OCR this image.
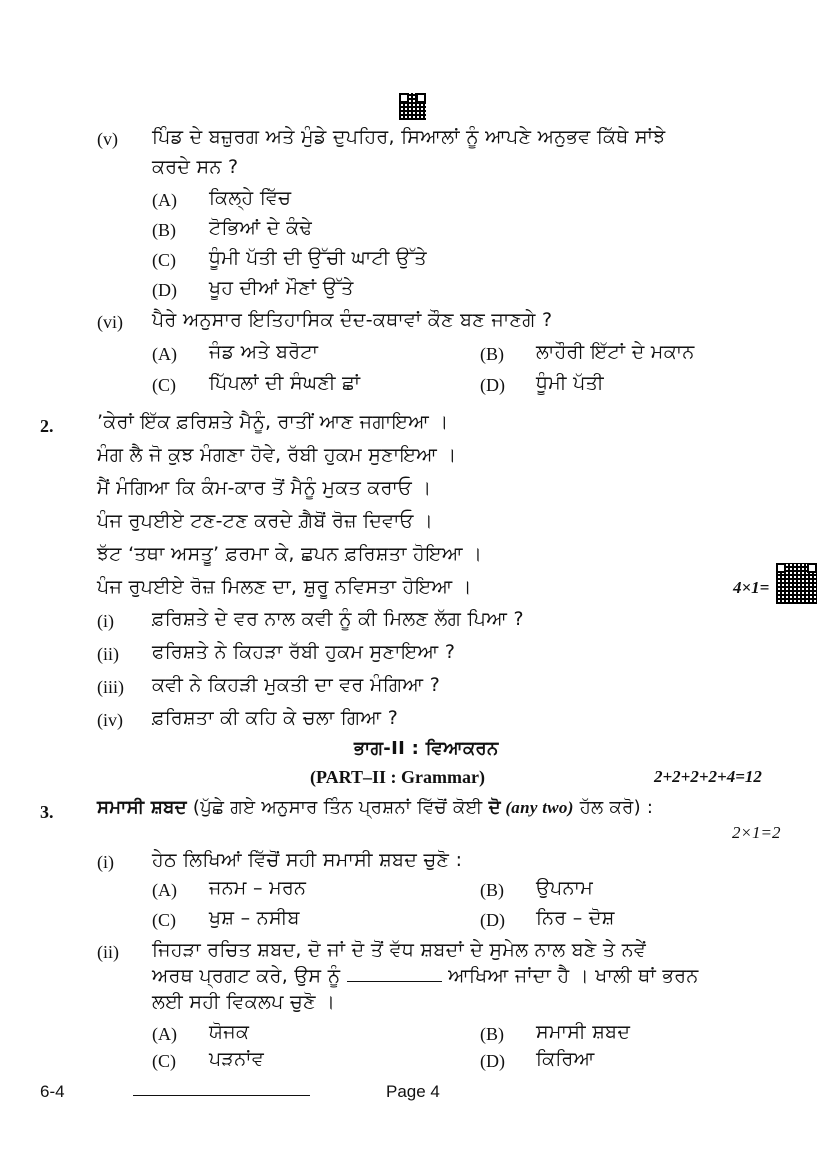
(v) ਪਿੰਡ ਦੇ ਬਜ਼ੁਰਗ ਅਤੇ ਮੁੰਡੇ ਦੁਪਹਿਰ, ਸਿਆਲਾਂ ਨੂੰ ਆਪਣੇ ਅਨੁਭਵ ਕਿੱਥੇ ਸਾਂਝੇ
ਕਰਦੇ ਸਨ ?
(A) ਕਿਲ੍ਹੇ ਵਿੱਚ
(B) ਟੋਭਿਆਂ ਦੇ ਕੰਢੇ
(C) ਧੂੰਮੀ ਪੱਤੀ ਦੀ ਉੱਚੀ ਘਾਟੀ ਉੱਤੇ
(D) ਖੂਹ ਦੀਆਂ ਮੌਣਾਂ ਉੱਤੇ
(vi) ਪੈਰੇ ਅਨੁਸਾਰ ਇਤਿਹਾਸਿਕ ਦੰਦ-ਕਥਾਵਾਂ ਕੌਣ ਬਣ ਜਾਣਗੇ ?
(A) ਜੰਡ ਅਤੇ ਬਰੋਟਾ	(B) ਲਾਹੌਰੀ ਇੱਟਾਂ ਦੇ ਮਕਾਨ
(C) ਪਿੱਪਲਾਂ ਦੀ ਸੰਘਣੀ ਛਾਂ	(D) ਧੂੰਮੀ ਪੱਤੀ
2. ’ਕੇਰਾਂ ਇੱਕ ਫ਼ਰਿਸ਼ਤੇ ਮੈਨੂੰ, ਰਾਤੀਂ ਆਣ ਜਗਾਇਆ ।
ਮੰਗ ਲੈ ਜੋ ਕੁਝ ਮੰਗਣਾ ਹੋਵੇ, ਰੱਬੀ ਹੁਕਮ ਸੁਣਾਇਆ ।
ਮੈਂ ਮੰਗਿਆ ਕਿ ਕੰਮ-ਕਾਰ ਤੋਂ ਮੈਨੂੰ ਮੁਕਤ ਕਰਾਓ ।
ਪੰਜ ਰੁਪਈਏ ਟਣ-ਟਣ ਕਰਦੇ ਗ਼ੈਬੋਂ ਰੋਜ਼ ਦਿਵਾਓ ।
ਝੱਟ ‘ਤਥਾ ਅਸਤੂ’ ਫ਼ਰਮਾ ਕੇ, ਛਪਨ ਫ਼ਰਿਸ਼ਤਾ ਹੋਇਆ ।
ਪੰਜ ਰੁਪਈਏ ਰੋਜ਼ ਮਿਲਣ ਦਾ, ਸ਼ੁਰੂ ਨਵਿਸਤਾ ਹੋਇਆ ।	4×1=
(i) ਫ਼ਰਿਸ਼ਤੇ ਦੇ ਵਰ ਨਾਲ ਕਵੀ ਨੂੰ ਕੀ ਮਿਲਣ ਲੱਗ ਪਿਆ ?
(ii) ਫਰਿਸ਼ਤੇ ਨੇ ਕਿਹੜਾ ਰੱਬੀ ਹੁਕਮ ਸੁਣਾਇਆ ?
(iii) ਕਵੀ ਨੇ ਕਿਹੜੀ ਮੁਕਤੀ ਦਾ ਵਰ ਮੰਗਿਆ ?
(iv) ਫ਼ਰਿਸ਼ਤਾ ਕੀ ਕਹਿ ਕੇ ਚਲਾ ਗਿਆ ?
ਭਾਗ-II : ਵਿਆਕਰਨ
(PART–II : Grammar)	2+2+2+2+4=12
3. ਸਮਾਸੀ ਸ਼ਬਦ (ਪੁੱਛੇ ਗਏ ਅਨੁਸਾਰ ਤਿੰਨ ਪ੍ਰਸ਼ਨਾਂ ਵਿੱਚੋਂ ਕੋਈ ਦੋ (any two) ਹੱਲ ਕਰੋ) :
2×1=2
(i) ਹੇਠ ਲਿਖਿਆਂ ਵਿੱਚੋਂ ਸਹੀ ਸਮਾਸੀ ਸ਼ਬਦ ਚੁਣੋ :
(A) ਜਨਮ – ਮਰਨ	(B) ਉਪਨਾਮ
(C) ਖੁਸ਼ – ਨਸੀਬ	(D) ਨਿਰ – ਦੋਸ਼
(ii) ਜਿਹੜਾ ਰਚਿਤ ਸ਼ਬਦ, ਦੋ ਜਾਂ ਦੋ ਤੋਂ ਵੱਧ ਸ਼ਬਦਾਂ ਦੇ ਸੁਮੇਲ ਨਾਲ ਬਣੇ ਤੇ ਨਵੇਂ
ਅਰਥ ਪ੍ਰਗਟ ਕਰੇ, ਉਸ ਨੂੰ	ਆਖਿਆ ਜਾਂਦਾ ਹੈ । ਖਾਲੀ ਥਾਂ ਭਰਨ
ਲਈ ਸਹੀ ਵਿਕਲਪ ਚੁਣੋ ।
(A) ਯੋਜਕ	(B) ਸਮਾਸੀ ਸ਼ਬਦ
(C) ਪੜਨਾਂਵ	(D) ਕਿਰਿਆ
6-4	Page 4
